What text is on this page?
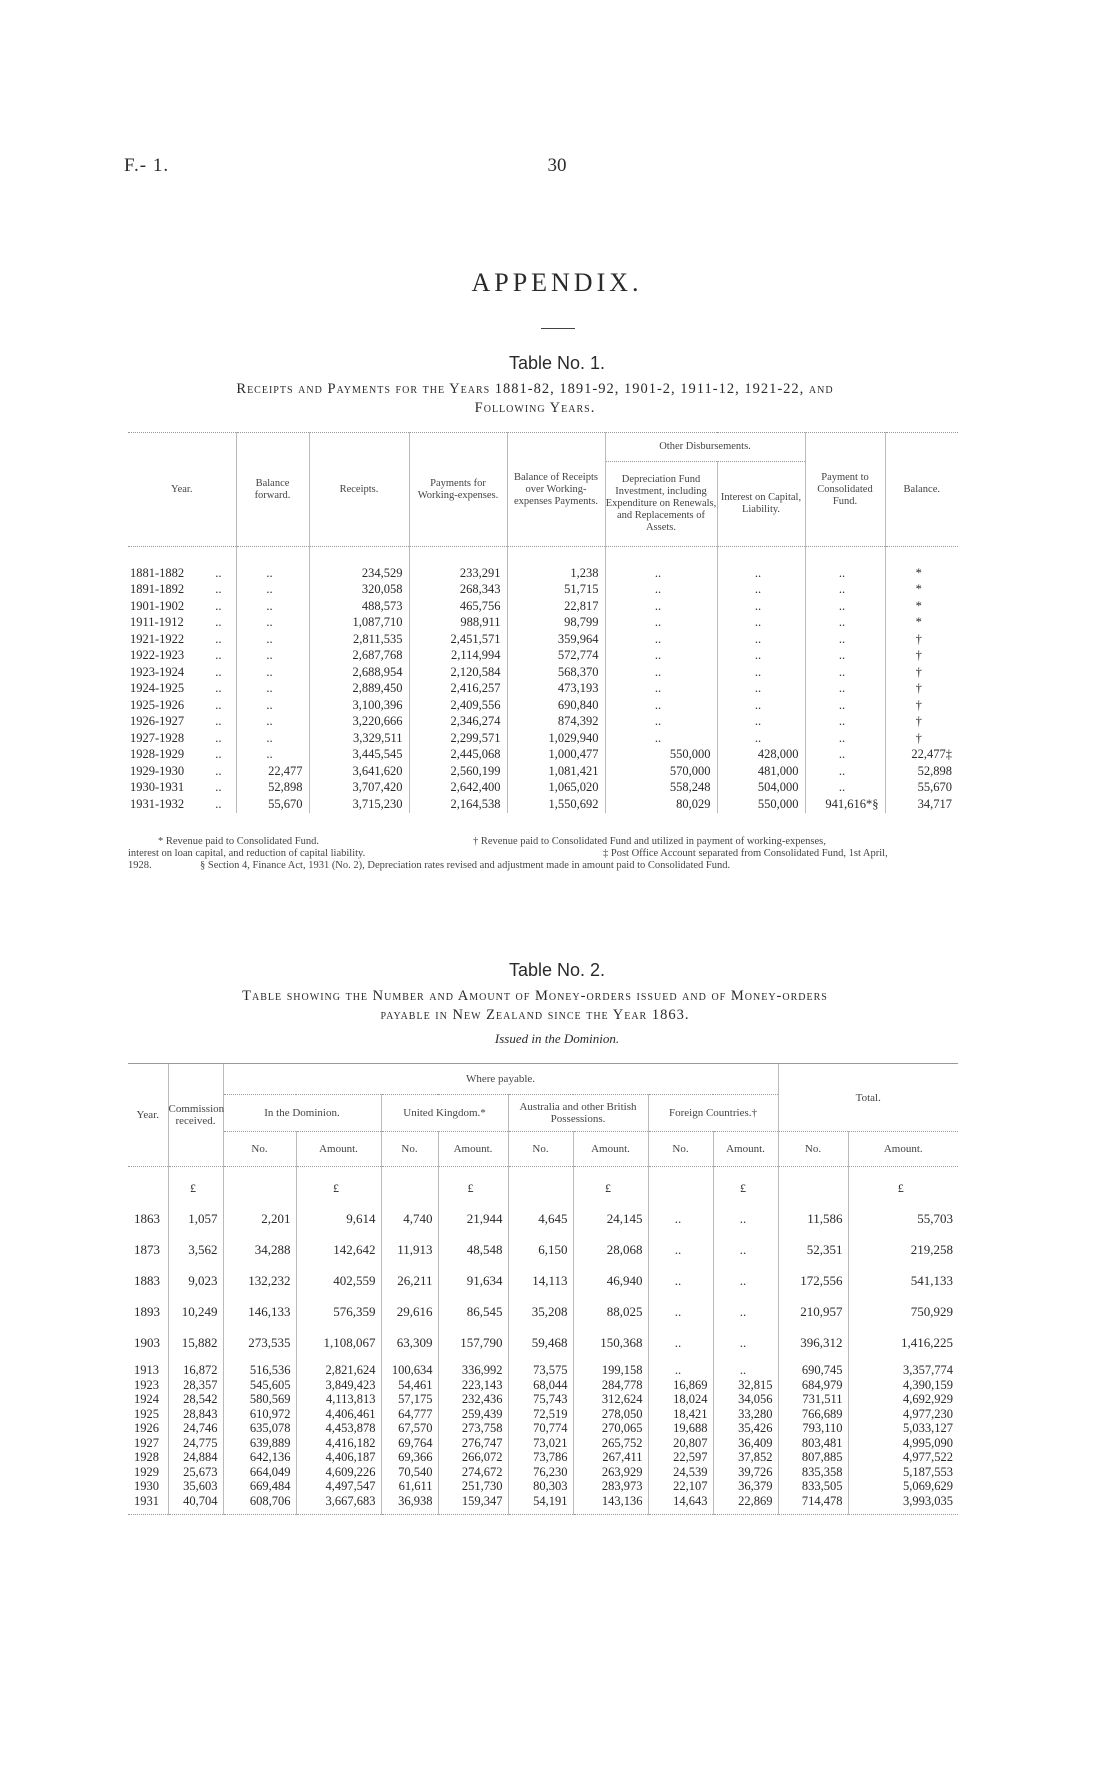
F.- 1.	30
APPENDIX.
Table No. 1.
Receipts and Payments for the Years 1881-82, 1891-92, 1901-2, 1911-12, 1921-22, and
Following Years.
Year.	Balance forward.	Receipts.	Payments for Working-expenses.	Balance of Receipts over Working-expenses Payments.	Other Disbursements.		Payment to Consolidated Fund.	Balance.
					Depreciation Fund Investment, including Expenditure on Renewals, and Replacements of Assets.	Interest on Capital, Liability.		
1881-1882 ..	..	234,529	233,291	1,238	..	..	..	*
1891-1892 ..	..	320,058	268,343	51,715	..	..	..	*
1901-1902 ..	..	488,573	465,756	22,817	..	..	..	*
1911-1912 ..	..	1,087,710	988,911	98,799	..	..	..	*
1921-1922 ..	..	2,811,535	2,451,571	359,964	..	..	..	†
1922-1923 ..	..	2,687,768	2,114,994	572,774	..	..	..	†
1923-1924 ..	..	2,688,954	2,120,584	568,370	..	..	..	†
1924-1925 ..	..	2,889,450	2,416,257	473,193	..	..	..	†
1925-1926 ..	..	3,100,396	2,409,556	690,840	..	..	..	†
1926-1927 ..	..	3,220,666	2,346,274	874,392	..	..	..	†
1927-1928 ..	..	3,329,511	2,299,571	1,029,940	..	..	..	†
1928-1929 ..	..	3,445,545	2,445,068	1,000,477	550,000	428,000	..	22,477‡
1929-1930 ..	22,477	3,641,620	2,560,199	1,081,421	570,000	481,000	..	52,898
1930-1931 ..	52,898	3,707,420	2,642,400	1,065,020	558,248	504,000	..	55,670
1931-1932 ..	55,670	3,715,230	2,164,538	1,550,692	80,029	550,000	941,616*§	34,717
* Revenue paid to Consolidated Fund.	† Revenue paid to Consolidated Fund and utilized in payment of working-expenses,
interest on loan capital, and reduction of capital liability.	‡ Post Office Account separated from Consolidated Fund, 1st April,
1928.	§ Section 4, Finance Act, 1931 (No. 2), Depreciation rates revised and adjustment made in amount paid to Consolidated Fund.
Table No. 2.
Table showing the Number and Amount of Money-orders issued and of Money-orders
payable in New Zealand since the Year 1863.
Issued in the Dominion.
Year.	Commission received.	Where payable.								Total.	
		In the Dominion.		United Kingdom.*		Australia and other British Possessions.		Foreign Countries.†			
		No.	Amount.	No.	Amount.	No.	Amount.	No.	Amount.	No.	Amount.
	£		£		£		£		£		£
1863	1,057	2,201	9,614	4,740	21,944	4,645	24,145	..	..	11,586	55,703
1873	3,562	34,288	142,642	11,913	48,548	6,150	28,068	..	..	52,351	219,258
1883	9,023	132,232	402,559	26,211	91,634	14,113	46,940	..	..	172,556	541,133
1893	10,249	146,133	576,359	29,616	86,545	35,208	88,025	..	..	210,957	750,929
1903	15,882	273,535	1,108,067	63,309	157,790	59,468	150,368	..	..	396,312	1,416,225
1913	16,872	516,536	2,821,624	100,634	336,992	73,575	199,158	..	..	690,745	3,357,774
1923	28,357	545,605	3,849,423	54,461	223,143	68,044	284,778	16,869	32,815	684,979	4,390,159
1924	28,542	580,569	4,113,813	57,175	232,436	75,743	312,624	18,024	34,056	731,511	4,692,929
1925	28,843	610,972	4,406,461	64,777	259,439	72,519	278,050	18,421	33,280	766,689	4,977,230
1926	24,746	635,078	4,453,878	67,570	273,758	70,774	270,065	19,688	35,426	793,110	5,033,127
1927	24,775	639,889	4,416,182	69,764	276,747	73,021	265,752	20,807	36,409	803,481	4,995,090
1928	24,884	642,136	4,406,187	69,366	266,072	73,786	267,411	22,597	37,852	807,885	4,977,522
1929	25,673	664,049	4,609,226	70,540	274,672	76,230	263,929	24,539	39,726	835,358	5,187,553
1930	35,603	669,484	4,497,547	61,611	251,730	80,303	283,973	22,107	36,379	833,505	5,069,629
1931	40,704	608,706	3,667,683	36,938	159,347	54,191	143,136	14,643	22,869	714,478	3,993,035
